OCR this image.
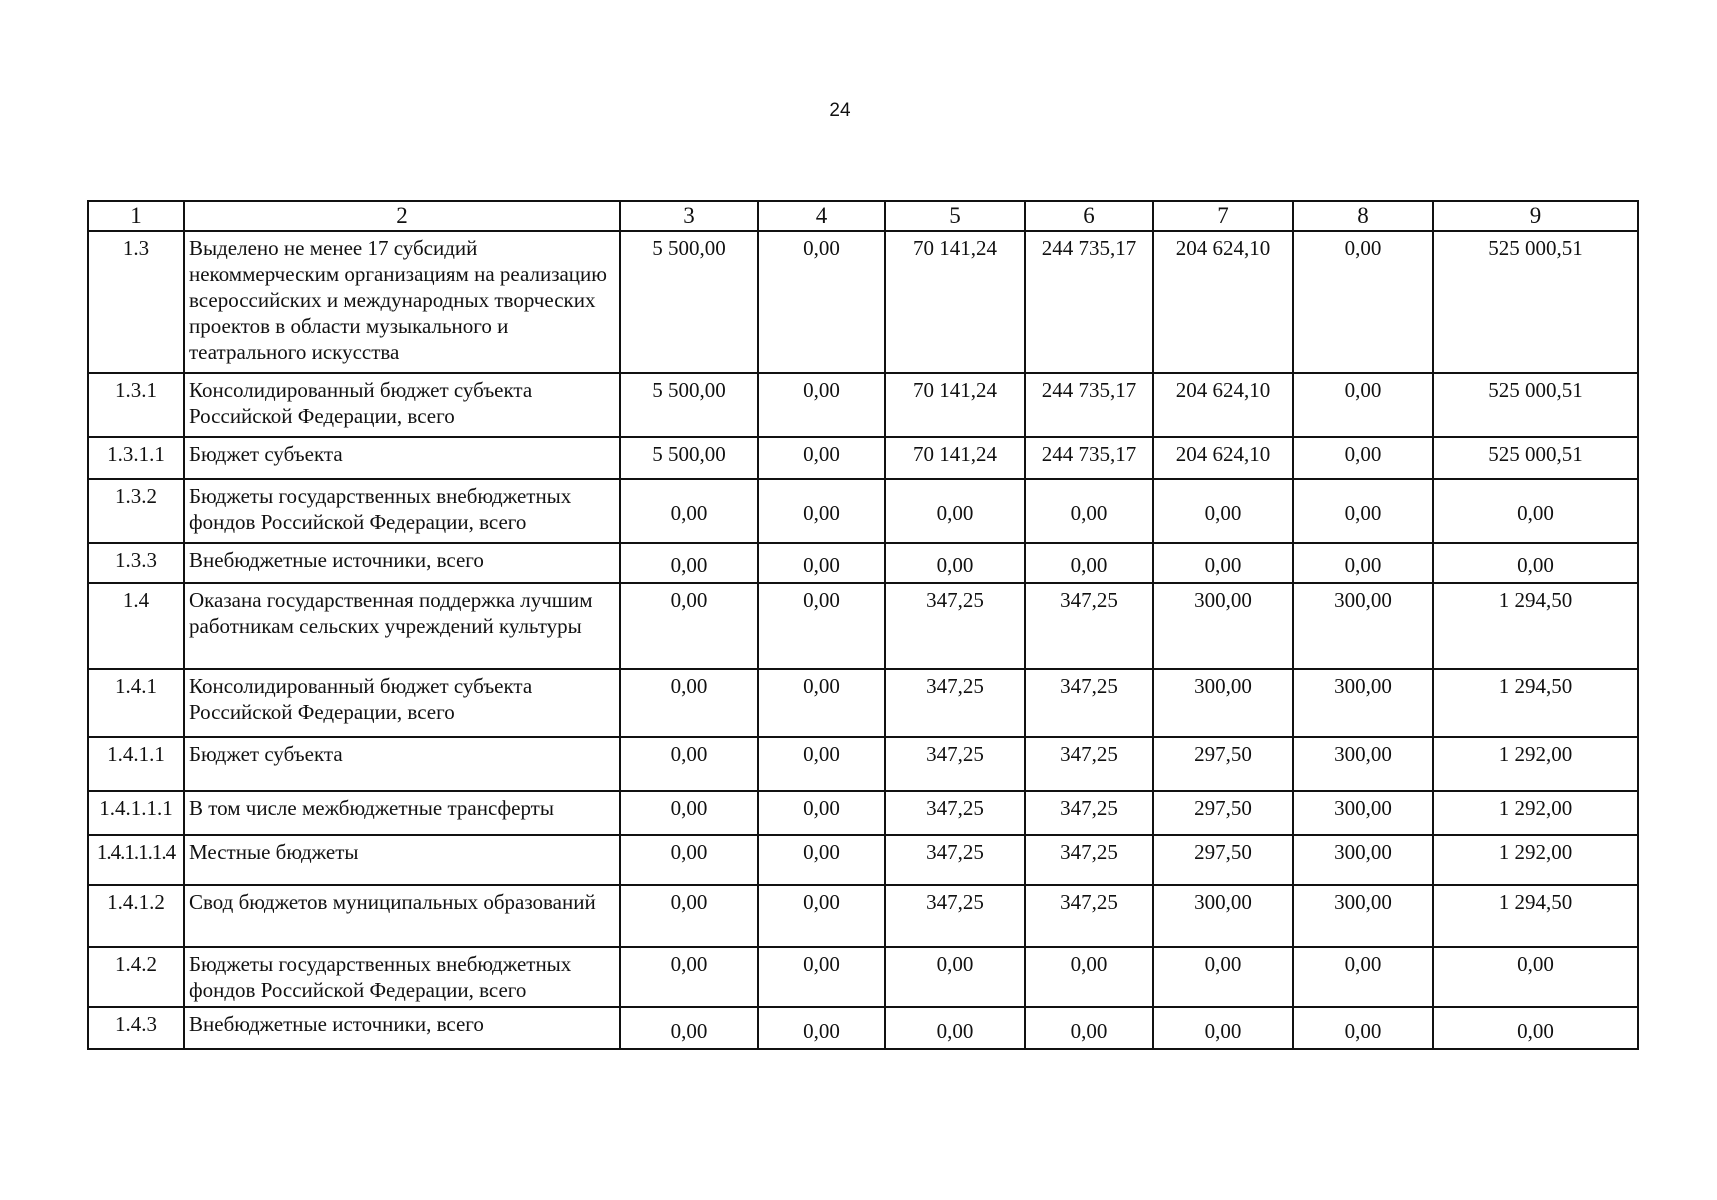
24
1	2	3	4	5	6	7	8	9
1.3	Выделено не менее 17 субсидий некоммерческим организациям на реализацию всероссийских и международных творческих проектов в области музыкального и театрального искусства	5 500,00	0,00	70 141,24	244 735,17	204 624,10	0,00	525 000,51
1.3.1	Консолидированный бюджет субъекта Российской Федерации, всего	5 500,00	0,00	70 141,24	244 735,17	204 624,10	0,00	525 000,51
1.3.1.1	Бюджет субъекта	5 500,00	0,00	70 141,24	244 735,17	204 624,10	0,00	525 000,51
1.3.2	Бюджеты государственных внебюджетных фондов Российской Федерации, всего	0,00	0,00	0,00	0,00	0,00	0,00	0,00
1.3.3	Внебюджетные источники, всего	0,00	0,00	0,00	0,00	0,00	0,00	0,00
1.4	Оказана государственная поддержка лучшим работникам сельских учреждений культуры	0,00	0,00	347,25	347,25	300,00	300,00	1 294,50
1.4.1	Консолидированный бюджет субъекта Российской Федерации, всего	0,00	0,00	347,25	347,25	300,00	300,00	1 294,50
1.4.1.1	Бюджет субъекта	0,00	0,00	347,25	347,25	297,50	300,00	1 292,00
1.4.1.1.1	В том числе межбюджетные трансферты	0,00	0,00	347,25	347,25	297,50	300,00	1 292,00
1.4.1.1.1.4	Местные бюджеты	0,00	0,00	347,25	347,25	297,50	300,00	1 292,00
1.4.1.2	Свод бюджетов муниципальных образований	0,00	0,00	347,25	347,25	300,00	300,00	1 294,50
1.4.2	Бюджеты государственных внебюджетных фондов Российской Федерации, всего	0,00	0,00	0,00	0,00	0,00	0,00	0,00
1.4.3	Внебюджетные источники, всего	0,00	0,00	0,00	0,00	0,00	0,00	0,00
